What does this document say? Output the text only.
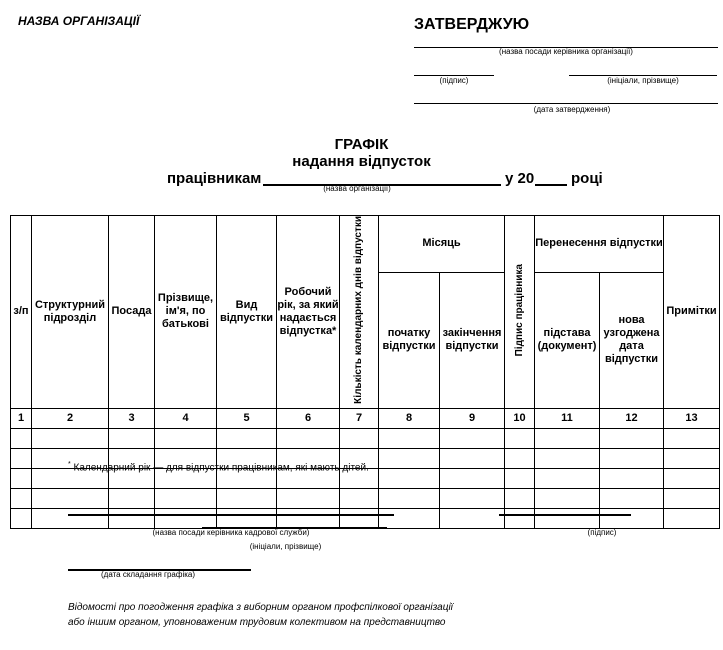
НАЗВА ОРГАНІЗАЦІЇ	ЗАТВЕРДЖУЮ
(назва посади керівника організації)
(підпис)	(ініціали, прізвище)
(дата затвердження)
ГРАФІК
надання відпусток
працівникам
(назва організації)
у 20 році
з/п	Структурний підрозділ	Посада	Прізвище, ім'я, по батькові	Вид відпустки	Робочий рік, за який надається відпустка*	Кількість календарних днів відпустки	Місяць		Підпис працівника	Перенесення відпустки		Примітки
							початку відпустки	закінчення відпустки		підстава (документ)	нова узгоджена дата відпустки	
1	2	3	4	5	6	7	8	9	10	11	12	13

* Календарний рік — для відпустки працівникам, які мають дітей.
(назва посади керівника кадрової служби)
(ініціали, прізвище)
(підпис)
(дата складання графіка)
Відомості про погодження графіка з виборним органом профспілкової організації
або іншим органом, уповноваженим трудовим колективом на представництво
